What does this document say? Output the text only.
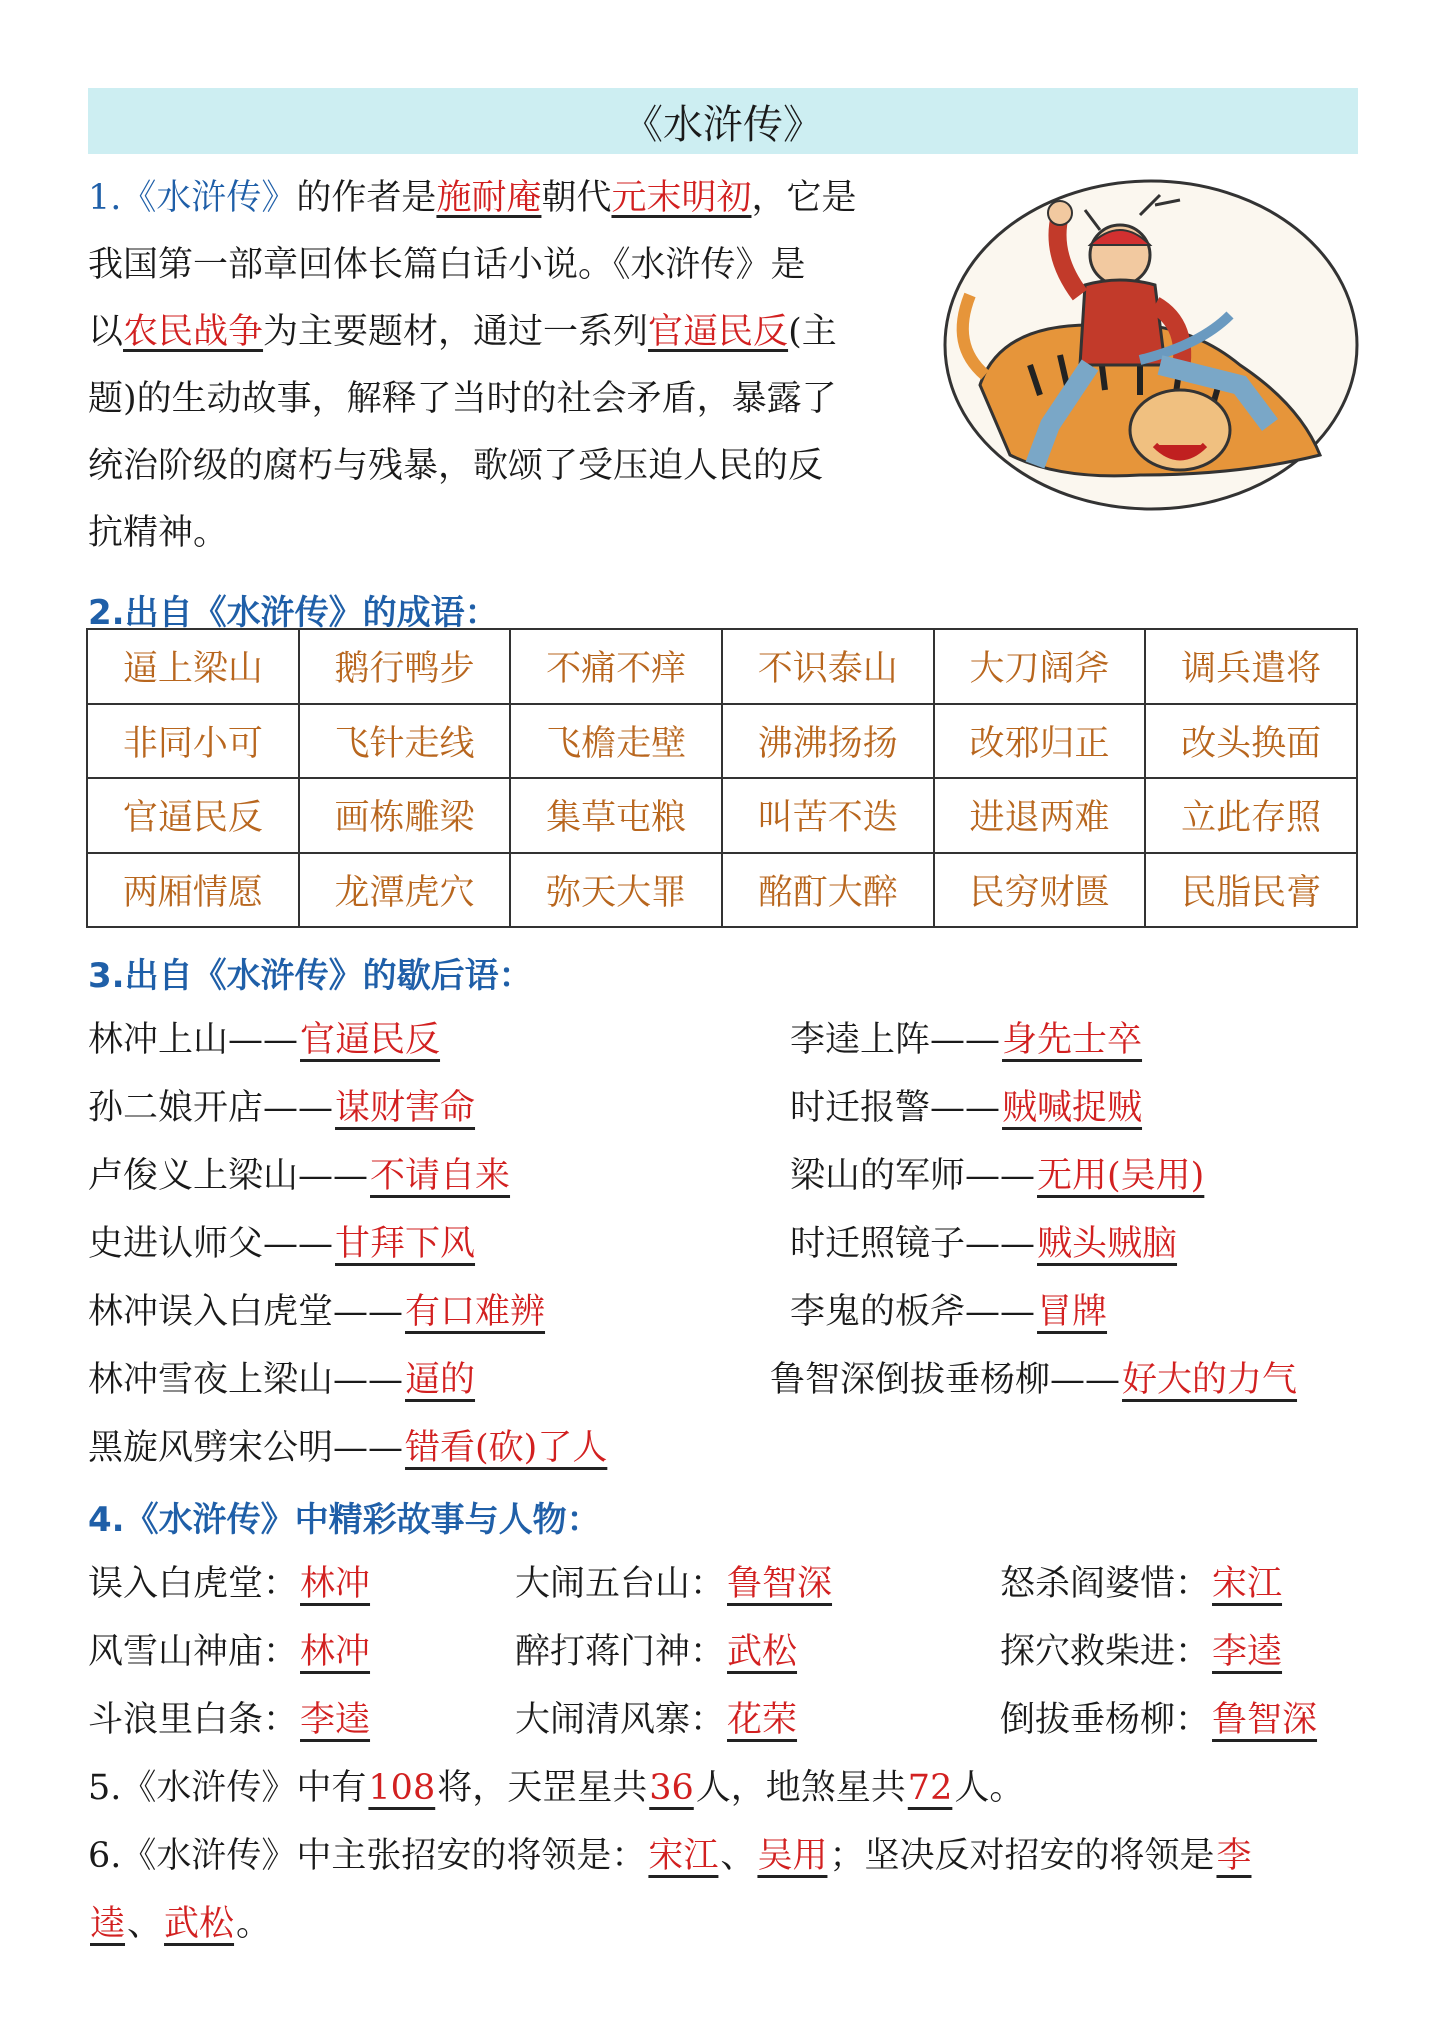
《水浒传》
1.《水浒传》的作者是施耐庵朝代元末明初，它是
我国第一部章回体长篇白话小说。《水浒传》是
以农民战争为主要题材，通过一系列官逼民反(主
题)的生动故事，解释了当时的社会矛盾，暴露了
统治阶级的腐朽与残暴，歌颂了受压迫人民的反
抗精神。
2.出自《水浒传》的成语：
逼上梁山	鹅行鸭步	不痛不痒	不识泰山	大刀阔斧	调兵遣将
非同小可	飞针走线	飞檐走壁	沸沸扬扬	改邪归正	改头换面
官逼民反	画栋雕梁	集草屯粮	叫苦不迭	进退两难	立此存照
两厢情愿	龙潭虎穴	弥天大罪	酩酊大醉	民穷财匮	民脂民膏
3.出自《水浒传》的歇后语：
林冲上山——官逼民反
孙二娘开店——谋财害命
卢俊义上梁山——不请自来
史进认师父——甘拜下风
林冲误入白虎堂——有口难辨
林冲雪夜上梁山——逼的
黑旋风劈宋公明——错看(砍)了人
李逵上阵——身先士卒
时迁报警——贼喊捉贼
梁山的军师——无用(吴用)
时迁照镜子——贼头贼脑
李鬼的板斧——冒牌
鲁智深倒拔垂杨柳——好大的力气
4.《水浒传》中精彩故事与人物：
误入白虎堂：林冲	大闹五台山：鲁智深	怒杀阎婆惜：宋江
风雪山神庙：林冲	醉打蒋门神：武松	探穴救柴进：李逵
斗浪里白条：李逵	大闹清风寨：花荣	倒拔垂杨柳：鲁智深
5.《水浒传》中有108将，天罡星共36人，地煞星共72人。
6.《水浒传》中主张招安的将领是：宋江、吴用；坚决反对招安的将领是李
逵、武松。
